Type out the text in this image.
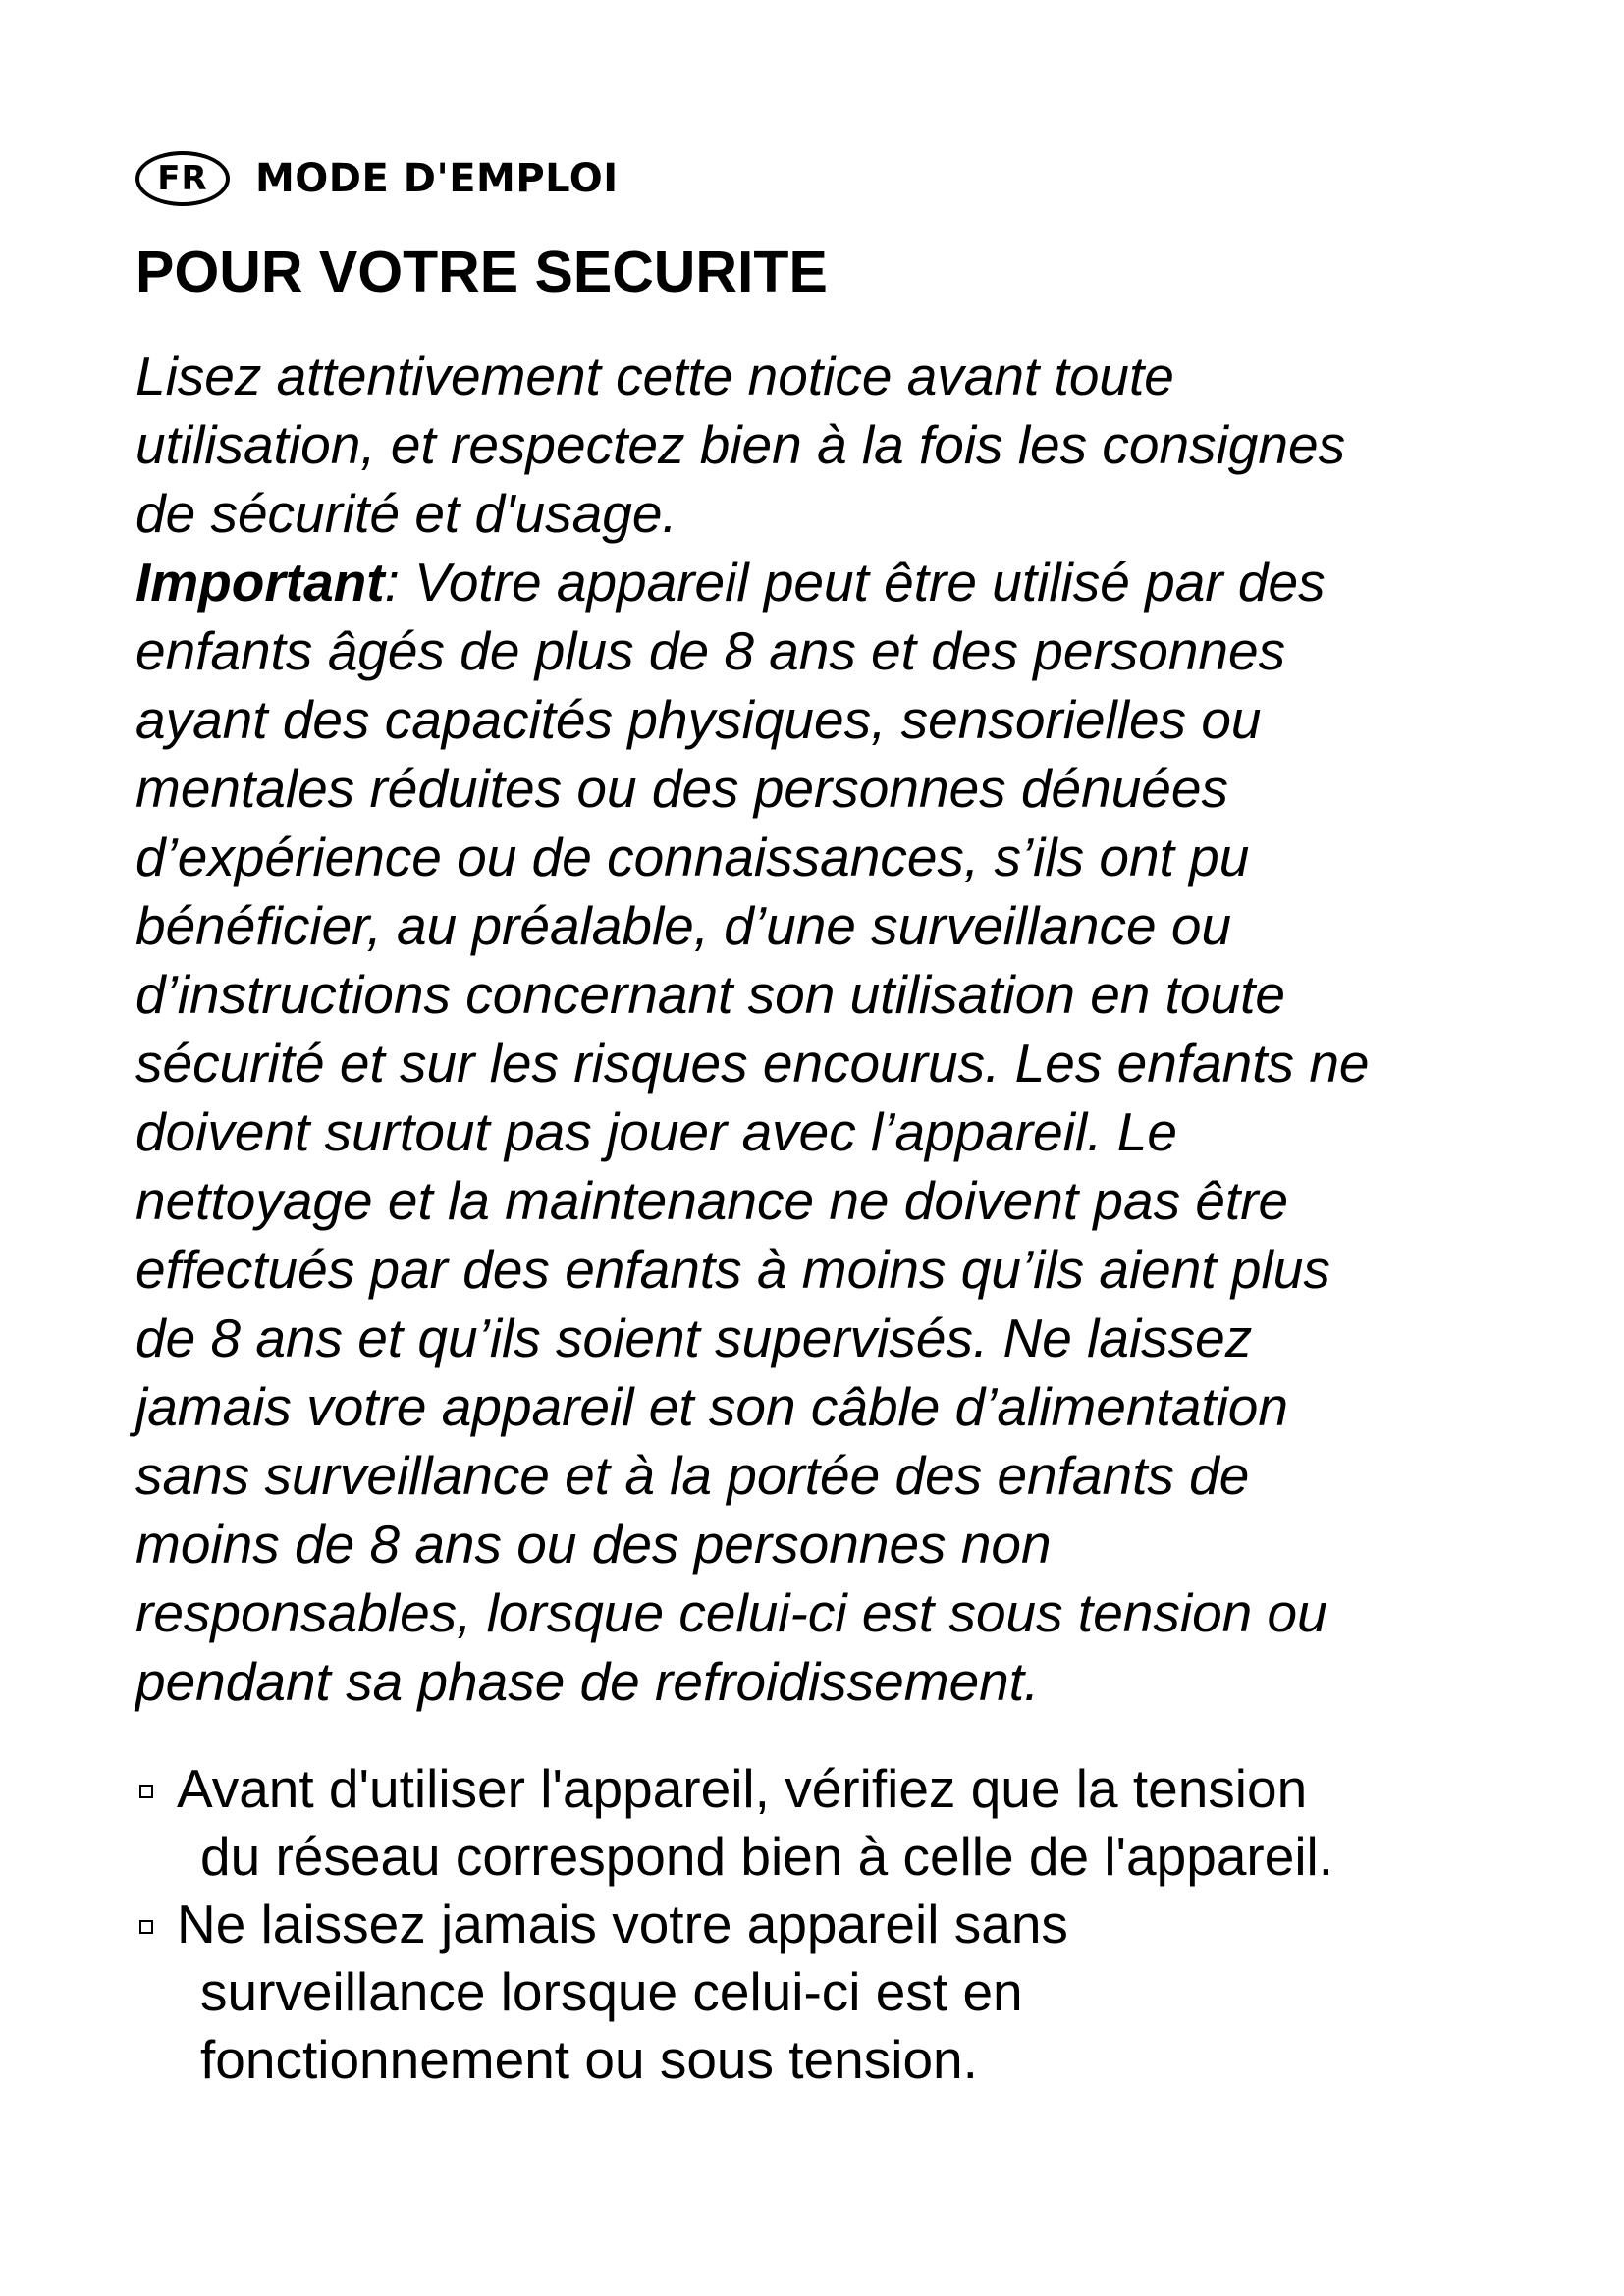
FR	MODE D'EMPLOI
POUR VOTRE SECURITE
Lisez attentivement cette notice avant toute
utilisation, et respectez bien à la fois les consignes
de sécurité et d'usage.
Important: Votre appareil peut être utilisé par des
enfants âgés de plus de 8 ans et des personnes
ayant des capacités physiques, sensorielles ou
mentales réduites ou des personnes dénuées
d’expérience ou de connaissances, s’ils ont pu
bénéficier, au préalable, d’une surveillance ou
d’instructions concernant son utilisation en toute
sécurité et sur les risques encourus. Les enfants ne
doivent surtout pas jouer avec l’appareil. Le
nettoyage et la maintenance ne doivent pas être
effectués par des enfants à moins qu’ils aient plus
de 8 ans et qu’ils soient supervisés. Ne laissez
jamais votre appareil et son câble d’alimentation
sans surveillance et à la portée des enfants de
moins de 8 ans ou des personnes non
responsables, lorsque celui-ci est sous tension ou
pendant sa phase de refroidissement.
Avant d'utiliser l'appareil, vérifiez que la tension
du réseau correspond bien à celle de l'appareil.
Ne laissez jamais votre appareil sans
surveillance lorsque celui-ci est en
fonctionnement ou sous tension.
